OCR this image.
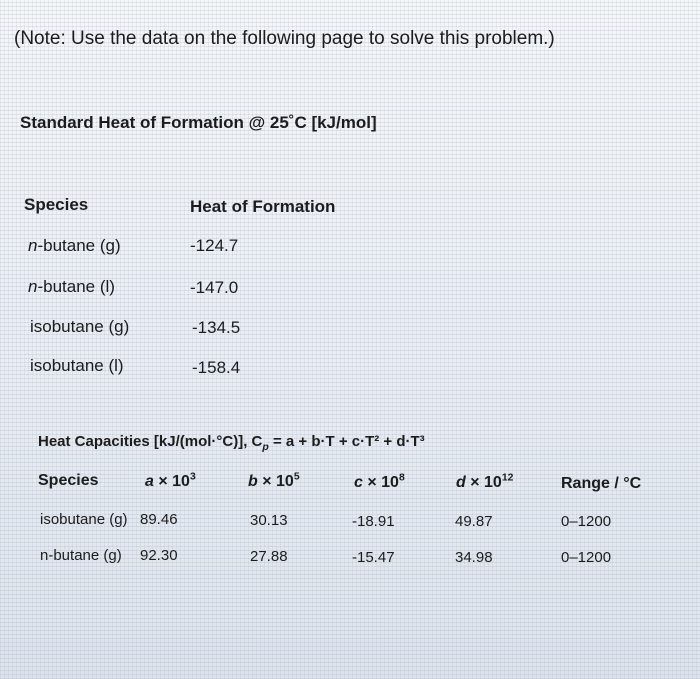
(Note: Use the data on the following page to solve this problem.)
Standard Heat of Formation @ 25˚C [kJ/mol]
Species	Heat of Formation
n-butane (g)	-124.7
n-butane (l)	-147.0
isobutane (g)	-134.5
isobutane (l)	-158.4
Heat Capacities [kJ/(mol·°C)], $C_p = a + b\cdot T + c\cdot T^2 + d\cdot T^3$
Species	$a \times 10^3$	$b \times 10^5$	$c \times 10^8$	$d \times 10^{12}$	Range / °C
isobutane (g) 89.46	30.13	-18.91	49.87	0–1200
n-butane (g) 92.30	27.88	-15.47	34.98	0–1200
